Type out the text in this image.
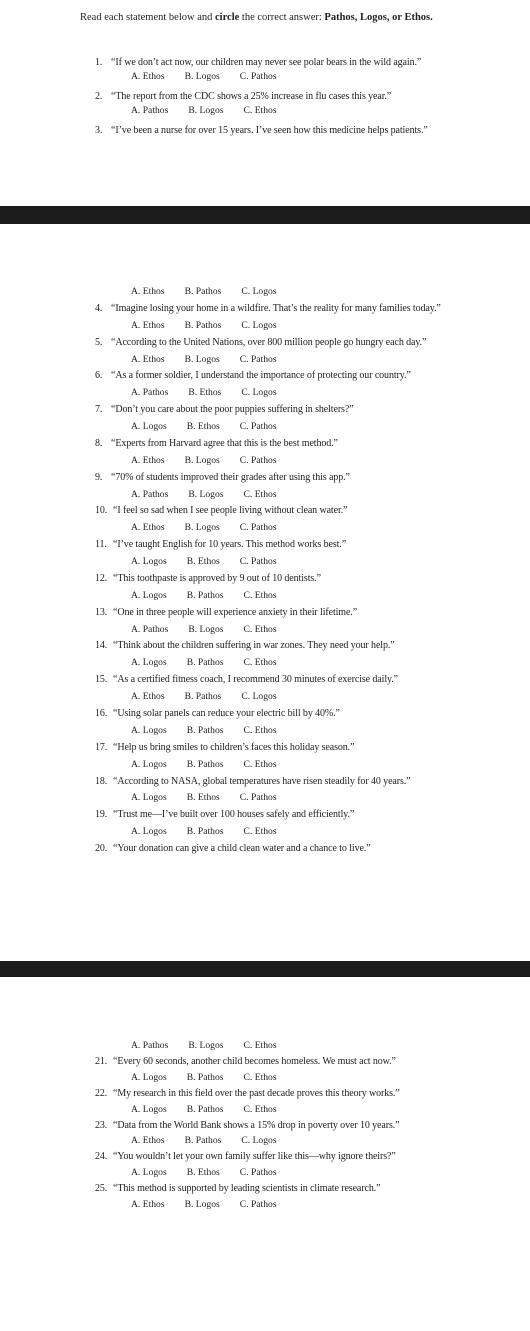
Read each statement below and circle the correct answer: Pathos, Logos, or Ethos.
1. “If we don’t act now, our children may never see polar bears in the wild again.”
A. Ethos B. Logos C. Pathos
2. “The report from the CDC shows a 25% increase in flu cases this year.”
A. Pathos B. Logos C. Ethos
3. “I’ve been a nurse for over 15 years. I’ve seen how this medicine helps patients.”
A. Ethos B. Pathos C. Logos
4. “Imagine losing your home in a wildfire. That’s the reality for many families today.”
A. Ethos B. Pathos C. Logos
5. “According to the United Nations, over 800 million people go hungry each day.”
A. Ethos B. Logos C. Pathos
6. “As a former soldier, I understand the importance of protecting our country.”
A. Pathos B. Ethos C. Logos
7. “Don’t you care about the poor puppies suffering in shelters?”
A. Logos B. Ethos C. Pathos
8. “Experts from Harvard agree that this is the best method.”
A. Ethos B. Logos C. Pathos
9. “70% of students improved their grades after using this app.”
A. Pathos B. Logos C. Ethos
10. “I feel so sad when I see people living without clean water.”
A. Ethos B. Logos C. Pathos
11. “I’ve taught English for 10 years. This method works best.”
A. Logos B. Ethos C. Pathos
12. “This toothpaste is approved by 9 out of 10 dentists.”
A. Logos B. Pathos C. Ethos
13. “One in three people will experience anxiety in their lifetime.”
A. Pathos B. Logos C. Ethos
14. “Think about the children suffering in war zones. They need your help.”
A. Logos B. Pathos C. Ethos
15. “As a certified fitness coach, I recommend 30 minutes of exercise daily.”
A. Ethos B. Pathos C. Logos
16. “Using solar panels can reduce your electric bill by 40%.”
A. Logos B. Pathos C. Ethos
17. “Help us bring smiles to children’s faces this holiday season.”
A. Logos B. Pathos C. Ethos
18. “According to NASA, global temperatures have risen steadily for 40 years.”
A. Logos B. Ethos C. Pathos
19. “Trust me—I’ve built over 100 houses safely and efficiently.”
A. Logos B. Pathos C. Ethos
20. “Your donation can give a child clean water and a chance to live.”
A. Pathos B. Logos C. Ethos
21. “Every 60 seconds, another child becomes homeless. We must act now.”
A. Logos B. Pathos C. Ethos
22. “My research in this field over the past decade proves this theory works.”
A. Logos B. Pathos C. Ethos
23. “Data from the World Bank shows a 15% drop in poverty over 10 years.”
A. Ethos B. Pathos C. Logos
24. “You wouldn’t let your own family suffer like this—why ignore theirs?”
A. Logos B. Ethos C. Pathos
25. “This method is supported by leading scientists in climate research.”
A. Ethos B. Logos C. Pathos
